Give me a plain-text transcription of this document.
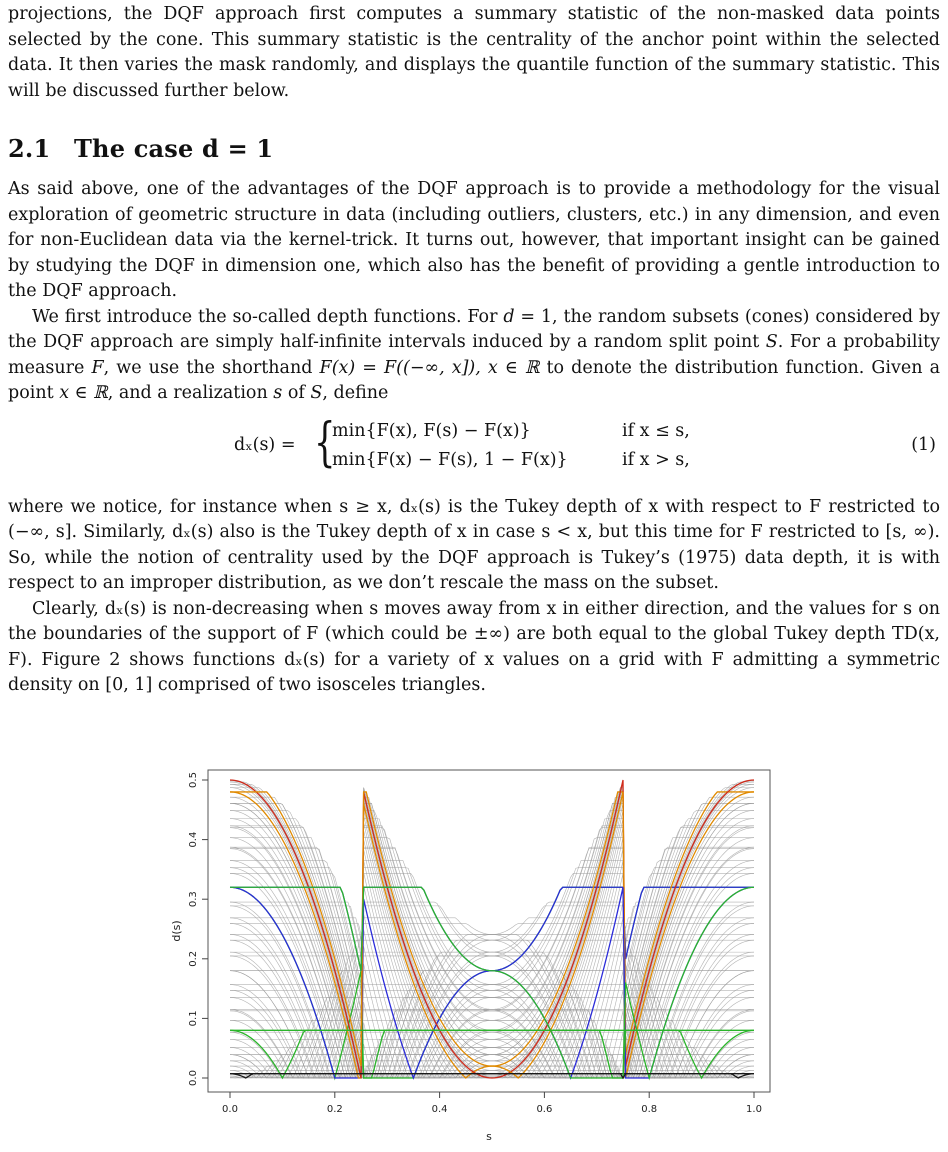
projections, the DQF approach first computes a summary statistic of the non-masked data points selected by the cone. This summary statistic is the centrality of the anchor point within the selected data. It then varies the mask randomly, and displays the quantile function of the summary statistic. This will be discussed further below.

2.1 The case d = 1

As said above, one of the advantages of the DQF approach is to provide a methodology for the visual exploration of geometric structure in data (including outliers, clusters, etc.) in any dimension, and even for non-Euclidean data via the kernel-trick. It turns out, however, that important insight can be gained by studying the DQF in dimension one, which also has the benefit of providing a gentle introduction to the DQF approach.

We first introduce the so-called depth functions. For d = 1, the random subsets (cones) considered by the DQF approach are simply half-infinite intervals induced by a random split point S. For a probability measure F, we use the shorthand F(x) = F((−∞, x]), x ∈ ℝ to denote the distribution function. Given a point x ∈ ℝ, and a realization s of S, define

dₓ(s) = {
min{F(x), F(s) − F(x)}
min{F(x) − F(s), 1 − F(x)}
if x ≤ s,
if x > s,
(1)

where we notice, for instance when s ≥ x, dₓ(s) is the Tukey depth of x with respect to F restricted to (−∞, s]. Similarly, dₓ(s) also is the Tukey depth of x in case s < x, but this time for F restricted to [s, ∞). So, while the notion of centrality used by the DQF approach is Tukey’s (1975) data depth, it is with respect to an improper distribution, as we don’t rescale the mass on the subset.

Clearly, dₓ(s) is non-decreasing when s moves away from x in either direction, and the values for s on the boundaries of the support of F (which could be ±∞) are both equal to the global Tukey depth TD(x, F). Figure 2 shows functions dₓ(s) for a variety of x values on a grid with F admitting a symmetric density on [0, 1] comprised of two isosceles triangles.

0.0	0.2	0.4	0.6	0.8	1.0
0.0
0.1
0.2
0.3
0.4
0.5
s
d(s)
